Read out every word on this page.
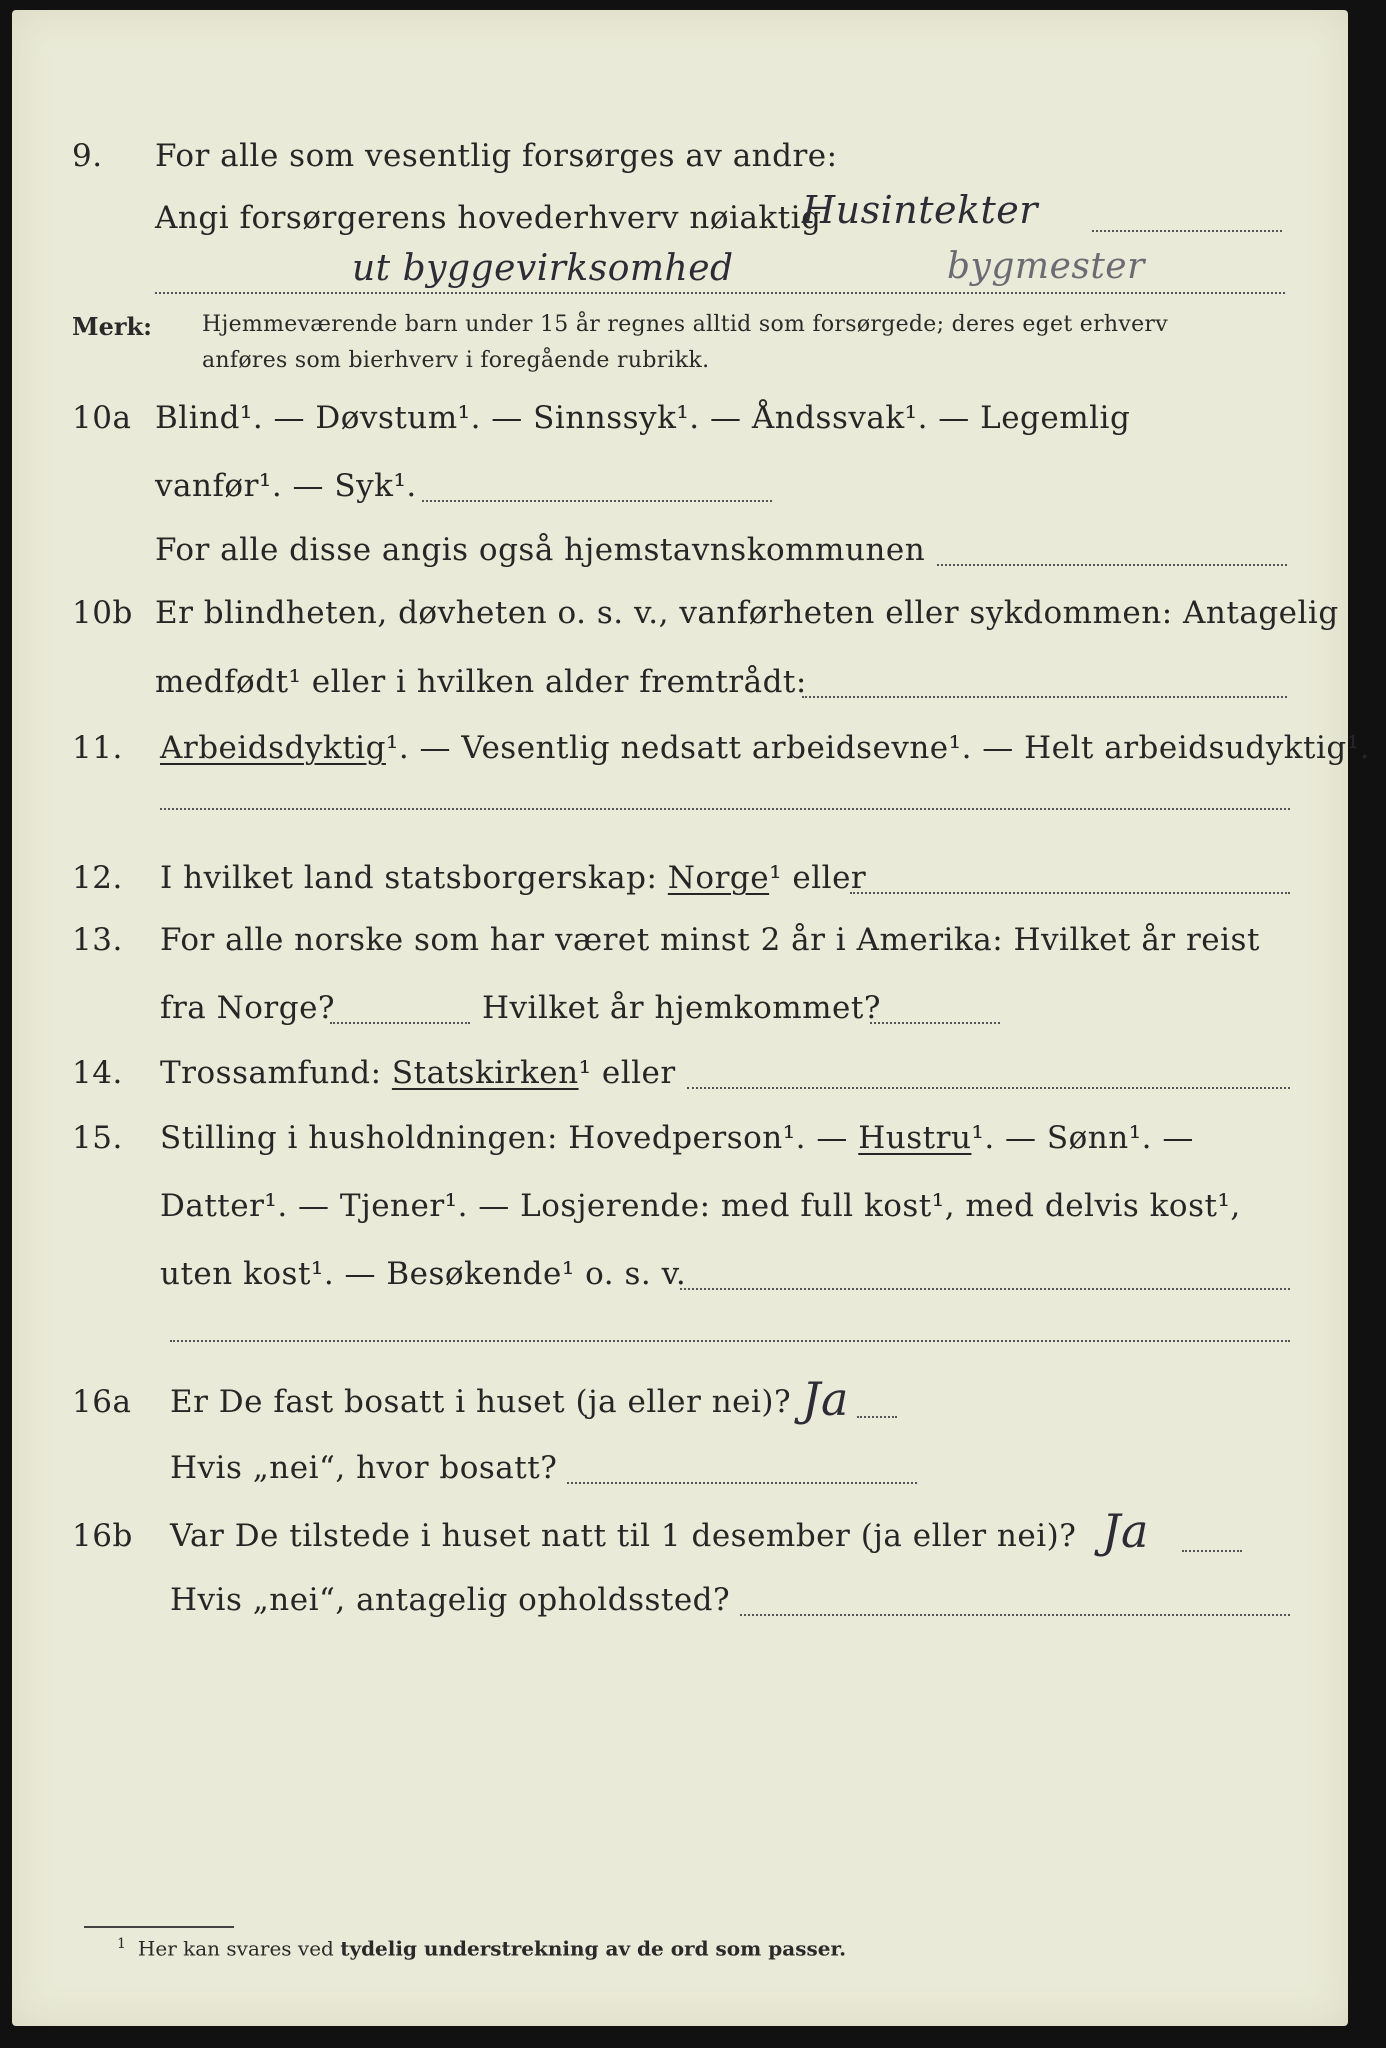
9. For alle som vesentlig forsørges av andre:
Angi forsørgerens hovederhverv nøiaktig
Husintekter
ut byggevirksomhed	bygmester
Merk: Hjemmeværende barn under 15 år regnes alltid som forsørgede; deres eget erhverv
anføres som bierhverv i foregående rubrikk.
10a Blind¹. — Døvstum¹. — Sinnssyk¹. — Åndssvak¹. — Legemlig
vanfør¹. — Syk¹.
For alle disse angis også hjemstavnskommunen
10b Er blindheten, døvheten o. s. v., vanførheten eller sykdommen: Antagelig
medfødt¹ eller i hvilken alder fremtrådt:
11. Arbeidsdyktig¹. — Vesentlig nedsatt arbeidsevne¹. — Helt arbeidsudyktig¹.
12. I hvilket land statsborgerskap: Norge¹ eller
13. For alle norske som har været minst 2 år i Amerika: Hvilket år reist
fra Norge?	Hvilket år hjemkommet?
14. Trossamfund: Statskirken¹ eller
15. Stilling i husholdningen: Hovedperson¹. — Hustru¹. — Sønn¹. —
Datter¹. — Tjener¹. — Losjerende: med full kost¹, med delvis kost¹,
uten kost¹. — Besøkende¹ o. s. v.
16a Er De fast bosatt i huset (ja eller nei)? Ja
Hvis „nei“, hvor bosatt?
16b Var De tilstede i huset natt til 1 desember (ja eller nei)? Ja
Hvis „nei“, antagelig opholdssted?
$^1$ Her kan svares ved tydelig understrekning av de ord som passer.
